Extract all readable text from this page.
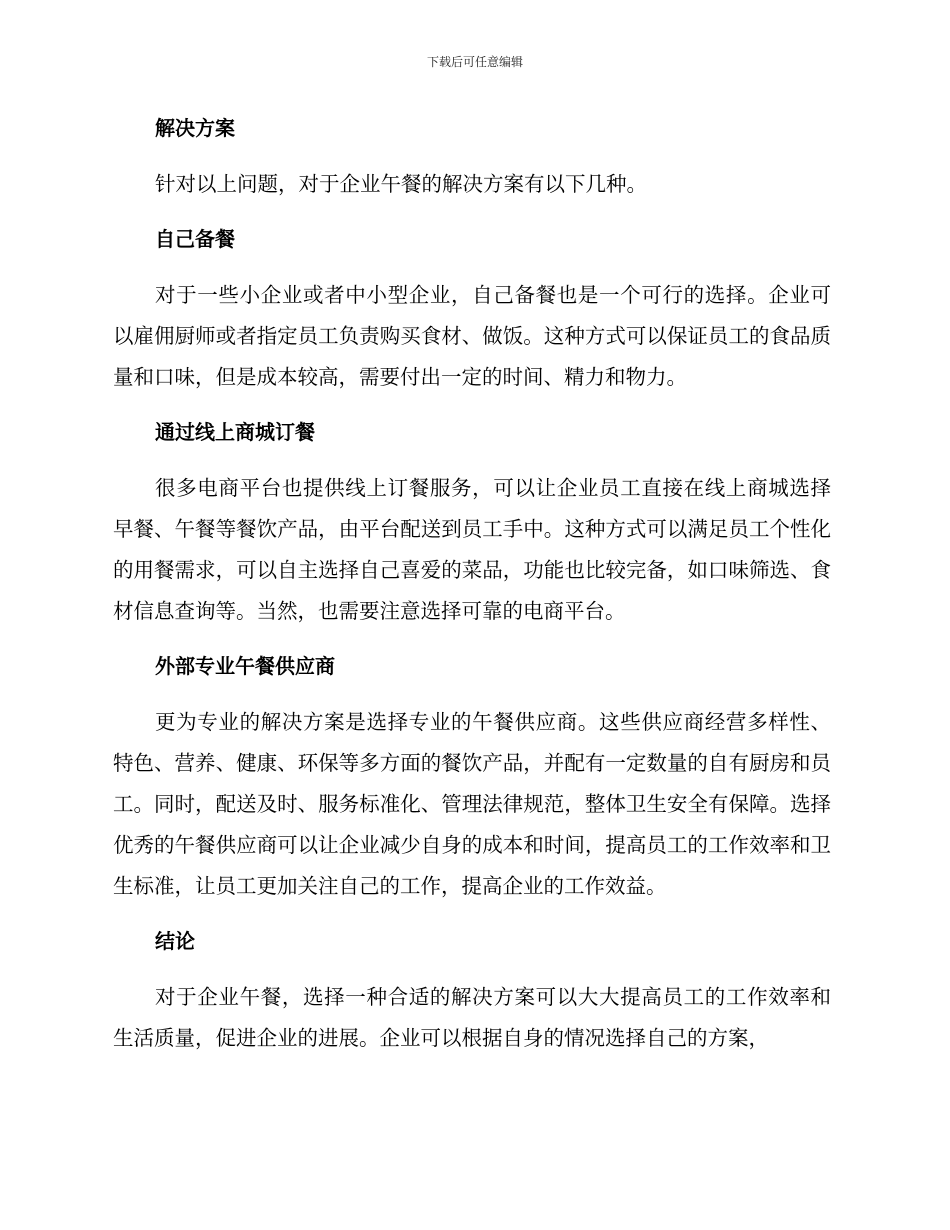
下载后可任意编辑
解决方案

针对以上问题，对于企业午餐的解决方案有以下几种。

自己备餐

对于一些小企业或者中小型企业，自己备餐也是一个可行的选择。企业可以雇佣厨师或者指定员工负责购买食材、做饭。这种方式可以保证员工的食品质量和口味，但是成本较高，需要付出一定的时间、精力和物力。

通过线上商城订餐

很多电商平台也提供线上订餐服务，可以让企业员工直接在线上商城选择早餐、午餐等餐饮产品，由平台配送到员工手中。这种方式可以满足员工个性化的用餐需求，可以自主选择自己喜爱的菜品，功能也比较完备，如口味筛选、食材信息查询等。当然，也需要注意选择可靠的电商平台。

外部专业午餐供应商

更为专业的解决方案是选择专业的午餐供应商。这些供应商经营多样性、特色、营养、健康、环保等多方面的餐饮产品，并配有一定数量的自有厨房和员工。同时，配送及时、服务标准化、管理法律规范，整体卫生安全有保障。选择优秀的午餐供应商可以让企业减少自身的成本和时间，提高员工的工作效率和卫生标准，让员工更加关注自己的工作，提高企业的工作效益。

结论

对于企业午餐，选择一种合适的解决方案可以大大提高员工的工作效率和生活质量，促进企业的进展。企业可以根据自身的情况选择自己的方案，
